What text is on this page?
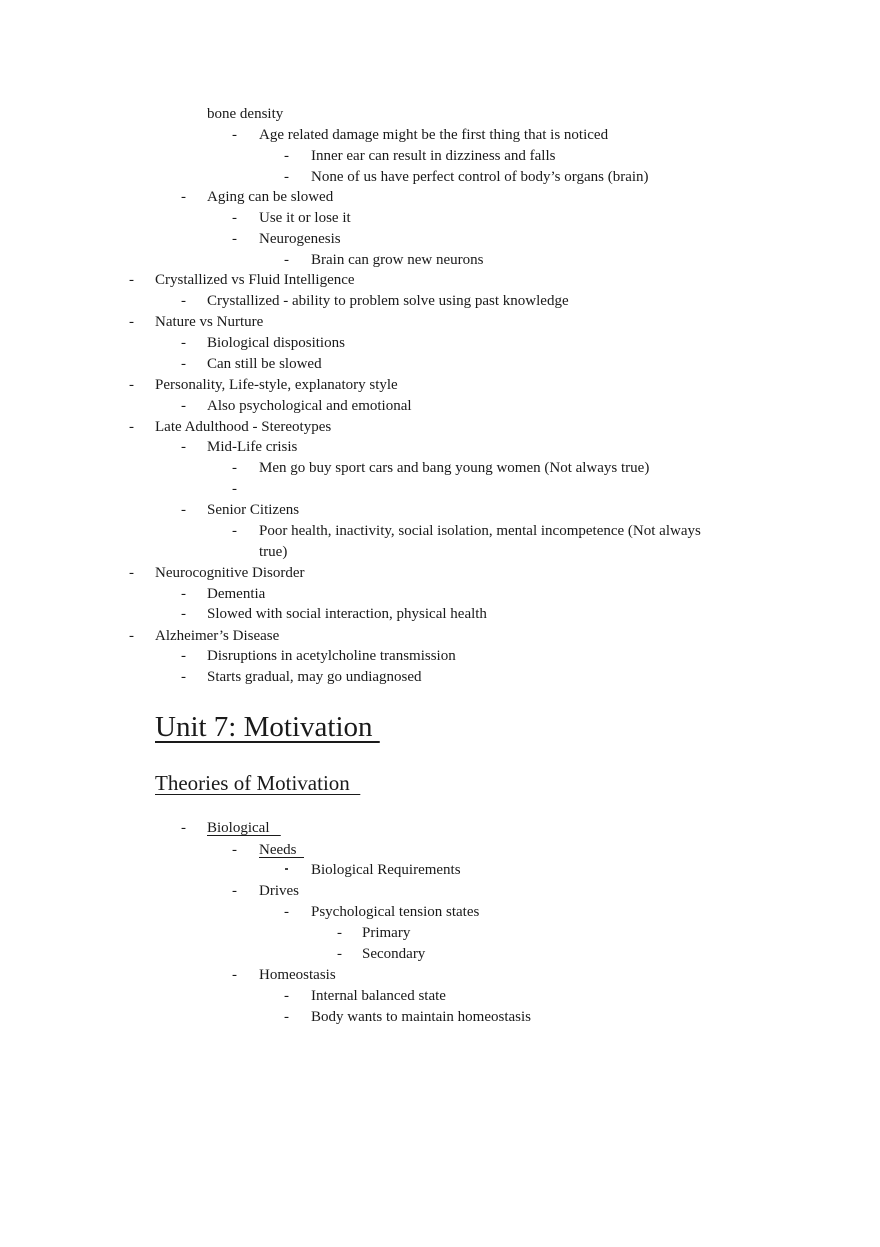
bone density
- Age related damage might be the first thing that is noticed
- Inner ear can result in dizziness and falls
- None of us have perfect control of body’s organs (brain)
- Aging can be slowed
- Use it or lose it
- Neurogenesis
- Brain can grow new neurons
- Crystallized vs Fluid Intelligence
- Crystallized - ability to problem solve using past knowledge
- Nature vs Nurture
- Biological dispositions
- Can still be slowed
- Personality, Life-style, explanatory style
- Also psychological and emotional
- Late Adulthood - Stereotypes
- Mid-Life crisis
- Men go buy sport cars and bang young women (Not always true)
-
- Senior Citizens
- Poor health, inactivity, social isolation, mental incompetence (Not always
true)
- Neurocognitive Disorder
- Dementia
- Slowed with social interaction, physical health
- Alzheimer’s Disease
- Disruptions in acetylcholine transmission
- Starts gradual, may go undiagnosed
Unit 7: Motivation
Theories of Motivation
- Biological
- Needs
Biological Requirements
- Drives
- Psychological tension states
- Primary
- Secondary
- Homeostasis
- Internal balanced state
- Body wants to maintain homeostasis
